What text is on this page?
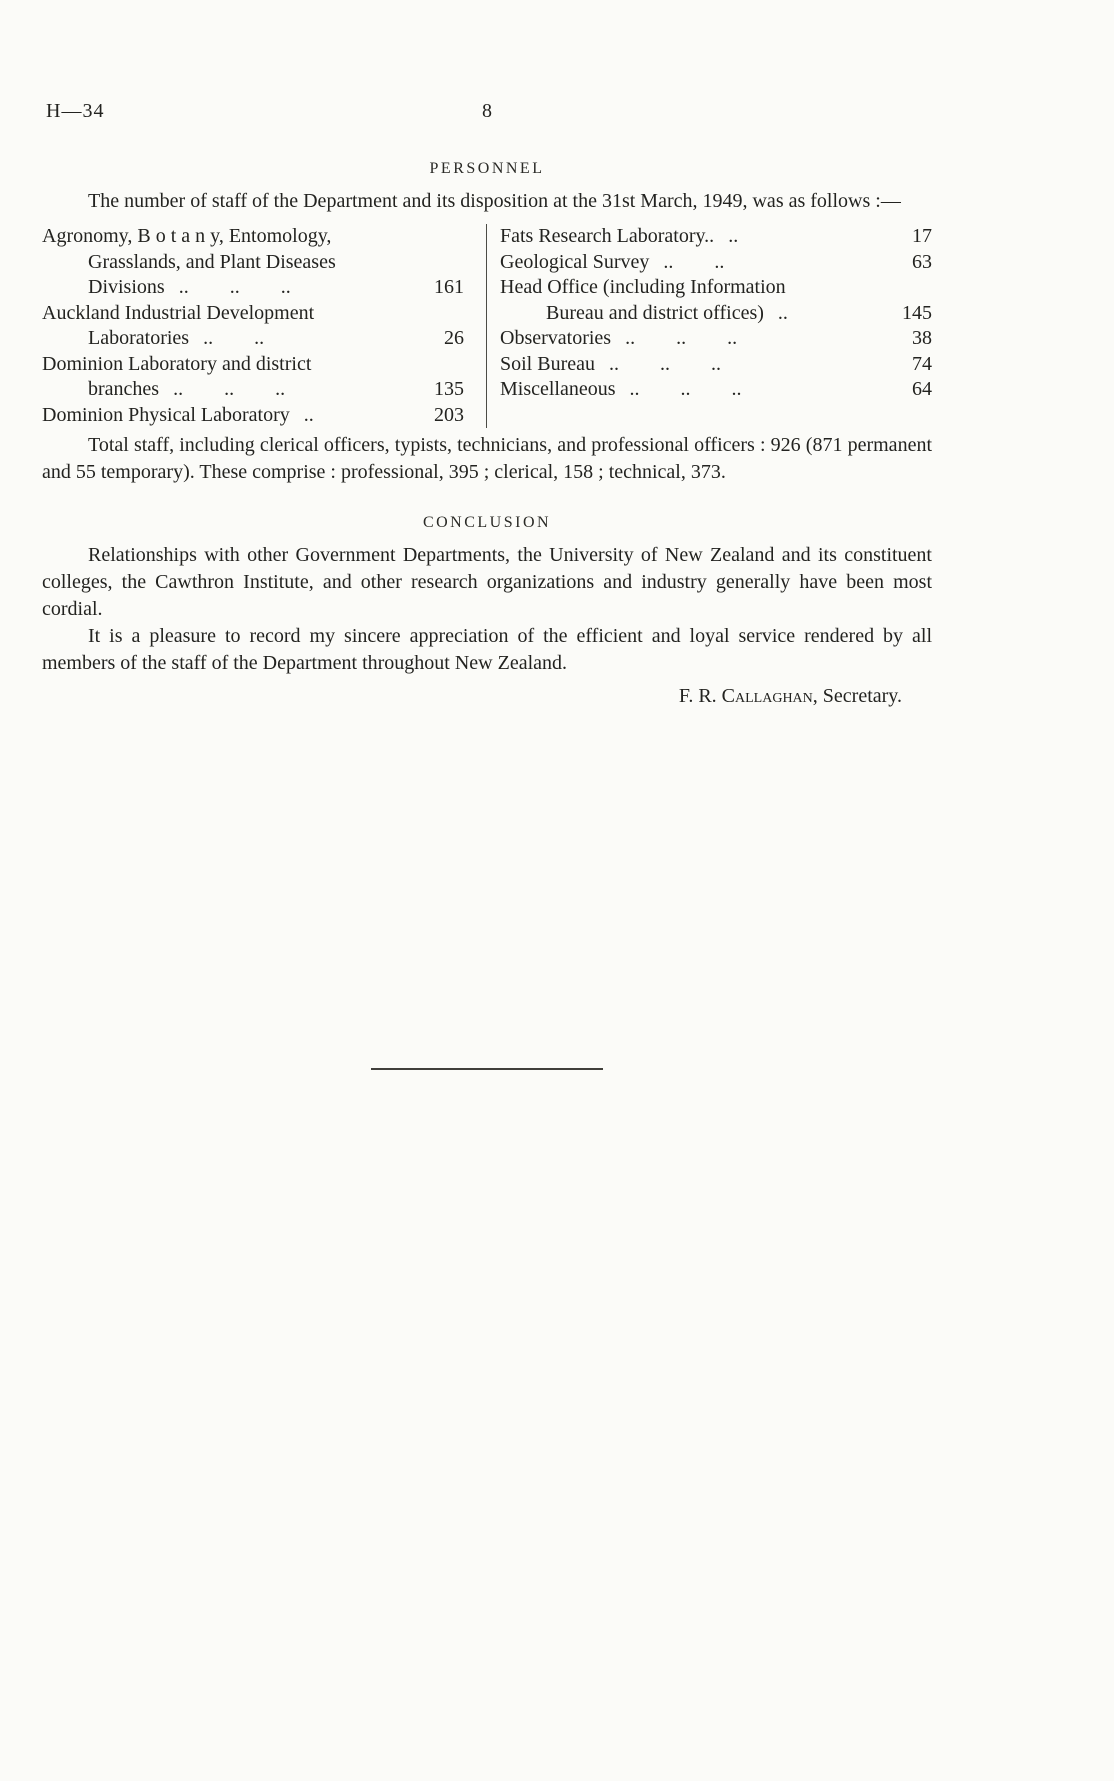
H—34	8
PERSONNEL

The number of staff of the Department and its disposition at the 31st March, 1949, was as follows :—

Agronomy, B o t a n y, Entomology,
Grasslands, and Plant Diseases
Divisions .. .. ..	161
Auckland Industrial Development
Laboratories .. ..	26
Dominion Laboratory and district
branches .. .. ..	135
Dominion Physical Laboratory ..	203
Fats Research Laboratory.. ..	17
Geological Survey .. ..	63
Head Office (including Information
Bureau and district offices) ..	145
Observatories .. .. ..	38
Soil Bureau .. .. ..	74
Miscellaneous .. .. ..	64

Total staff, including clerical officers, typists, technicians, and professional officers : 926 (871 permanent and 55 temporary). These comprise : professional, 395 ; clerical, 158 ; technical, 373.

CONCLUSION

Relationships with other Government Departments, the University of New Zealand and its constituent colleges, the Cawthron Institute, and other research organizations and industry generally have been most cordial.

It is a pleasure to record my sincere appreciation of the efficient and loyal service rendered by all members of the staff of the Department throughout New Zealand.

F. R. Callaghan, Secretary.
